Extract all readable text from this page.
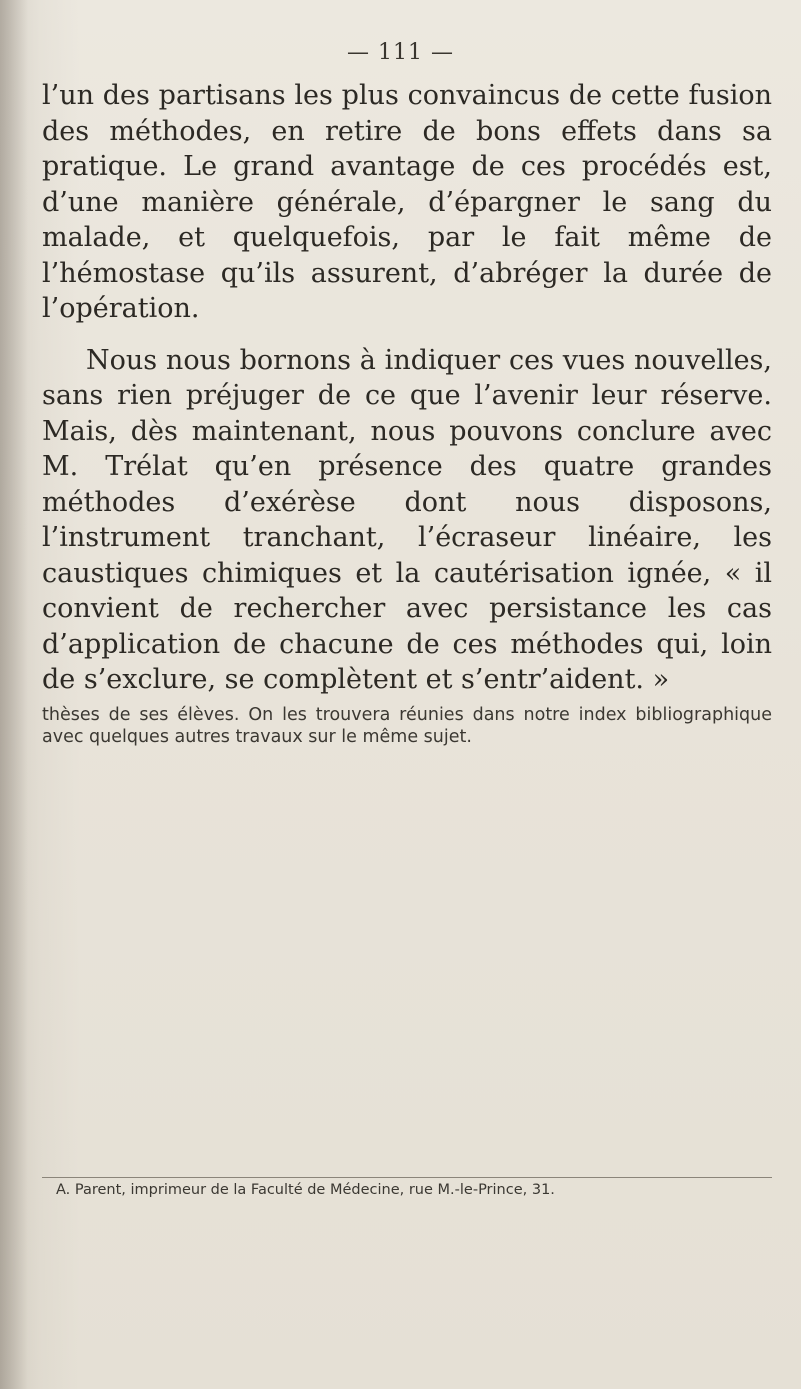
— 111 —

l’un des partisans les plus convaincus de cette fusion des méthodes, en retire de bons effets dans sa pratique. Le grand avantage de ces procédés est, d’une manière générale, d’épargner le sang du malade, et quelquefois, par le fait même de l’hémostase qu’ils assurent, d’abréger la durée de l’opération.

Nous nous bornons à indiquer ces vues nouvelles, sans rien préjuger de ce que l’avenir leur réserve. Mais, dès maintenant, nous pouvons conclure avec M. Trélat qu’en présence des quatre grandes méthodes d’exérèse dont nous disposons, l’instrument tranchant, l’écraseur linéaire, les caustiques chimiques et la cautérisation ignée, « il convient de rechercher avec persistance les cas d’application de chacune de ces méthodes qui, loin de s’exclure, se complètent et s’entr’aident. »

thèses de ses élèves. On les trouvera réunies dans notre index bibliographique avec quelques autres travaux sur le même sujet.

A. Parent, imprimeur de la Faculté de Médecine, rue M.-le-Prince, 31.
